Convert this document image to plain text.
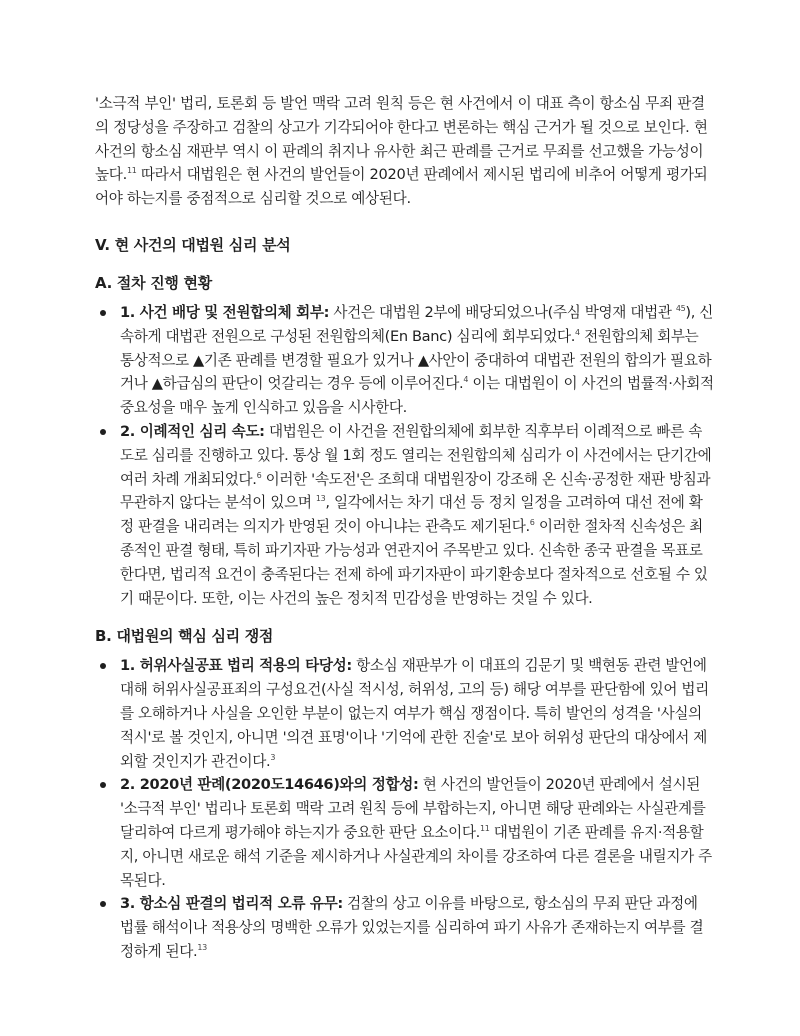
'소극적 부인' 법리, 토론회 등 발언 맥락 고려 원칙 등은 현 사건에서 이 대표 측이 항소심 무죄 판결의 정당성을 주장하고 검찰의 상고가 기각되어야 한다고 변론하는 핵심 근거가 될 것으로 보인다. 현 사건의 항소심 재판부 역시 이 판례의 취지나 유사한 최근 판례를 근거로 무죄를 선고했을 가능성이 높다.$^{11}$ 따라서 대법원은 현 사건의 발언들이 2020년 판례에서 제시된 법리에 비추어 어떻게 평가되어야 하는지를 중점적으로 심리할 것으로 예상된다.

V. 현 사건의 대법원 심리 분석
A. 절차 진행 현황
1. 사건 배당 및 전원합의체 회부: 사건은 대법원 2부에 배당되었으나(주심 박영재 대법관 $^{45}$), 신속하게 대법관 전원으로 구성된 전원합의체(En Banc) 심리에 회부되었다.$^4$ 전원합의체 회부는 통상적으로 ▲기존 판례를 변경할 필요가 있거나 ▲사안이 중대하여 대법관 전원의 합의가 필요하거나 ▲하급심의 판단이 엇갈리는 경우 등에 이루어진다.$^4$ 이는 대법원이 이 사건의 법률적·사회적 중요성을 매우 높게 인식하고 있음을 시사한다.
2. 이례적인 심리 속도: 대법원은 이 사건을 전원합의체에 회부한 직후부터 이례적으로 빠른 속도로 심리를 진행하고 있다. 통상 월 1회 정도 열리는 전원합의체 심리가 이 사건에서는 단기간에 여러 차례 개최되었다.$^6$ 이러한 '속도전'은 조희대 대법원장이 강조해 온 신속·공정한 재판 방침과 무관하지 않다는 분석이 있으며 $^{13}$, 일각에서는 차기 대선 등 정치 일정을 고려하여 대선 전에 확정 판결을 내리려는 의지가 반영된 것이 아니냐는 관측도 제기된다.$^6$ 이러한 절차적 신속성은 최종적인 판결 형태, 특히 파기자판 가능성과 연관지어 주목받고 있다. 신속한 종국 판결을 목표로 한다면, 법리적 요건이 충족된다는 전제 하에 파기자판이 파기환송보다 절차적으로 선호될 수 있기 때문이다. 또한, 이는 사건의 높은 정치적 민감성을 반영하는 것일 수 있다.
B. 대법원의 핵심 심리 쟁점
1. 허위사실공표 법리 적용의 타당성: 항소심 재판부가 이 대표의 김문기 및 백현동 관련 발언에 대해 허위사실공표죄의 구성요건(사실 적시성, 허위성, 고의 등) 해당 여부를 판단함에 있어 법리를 오해하거나 사실을 오인한 부분이 없는지 여부가 핵심 쟁점이다. 특히 발언의 성격을 '사실의 적시'로 볼 것인지, 아니면 '의견 표명'이나 '기억에 관한 진술'로 보아 허위성 판단의 대상에서 제외할 것인지가 관건이다.$^3$
2. 2020년 판례(2020도14646)와의 정합성: 현 사건의 발언들이 2020년 판례에서 설시된 '소극적 부인' 법리나 토론회 맥락 고려 원칙 등에 부합하는지, 아니면 해당 판례와는 사실관계를 달리하여 다르게 평가해야 하는지가 중요한 판단 요소이다.$^{11}$ 대법원이 기존 판례를 유지·적용할지, 아니면 새로운 해석 기준을 제시하거나 사실관계의 차이를 강조하여 다른 결론을 내릴지가 주목된다.
3. 항소심 판결의 법리적 오류 유무: 검찰의 상고 이유를 바탕으로, 항소심의 무죄 판단 과정에 법률 해석이나 적용상의 명백한 오류가 있었는지를 심리하여 파기 사유가 존재하는지 여부를 결정하게 된다.$^{13}$
